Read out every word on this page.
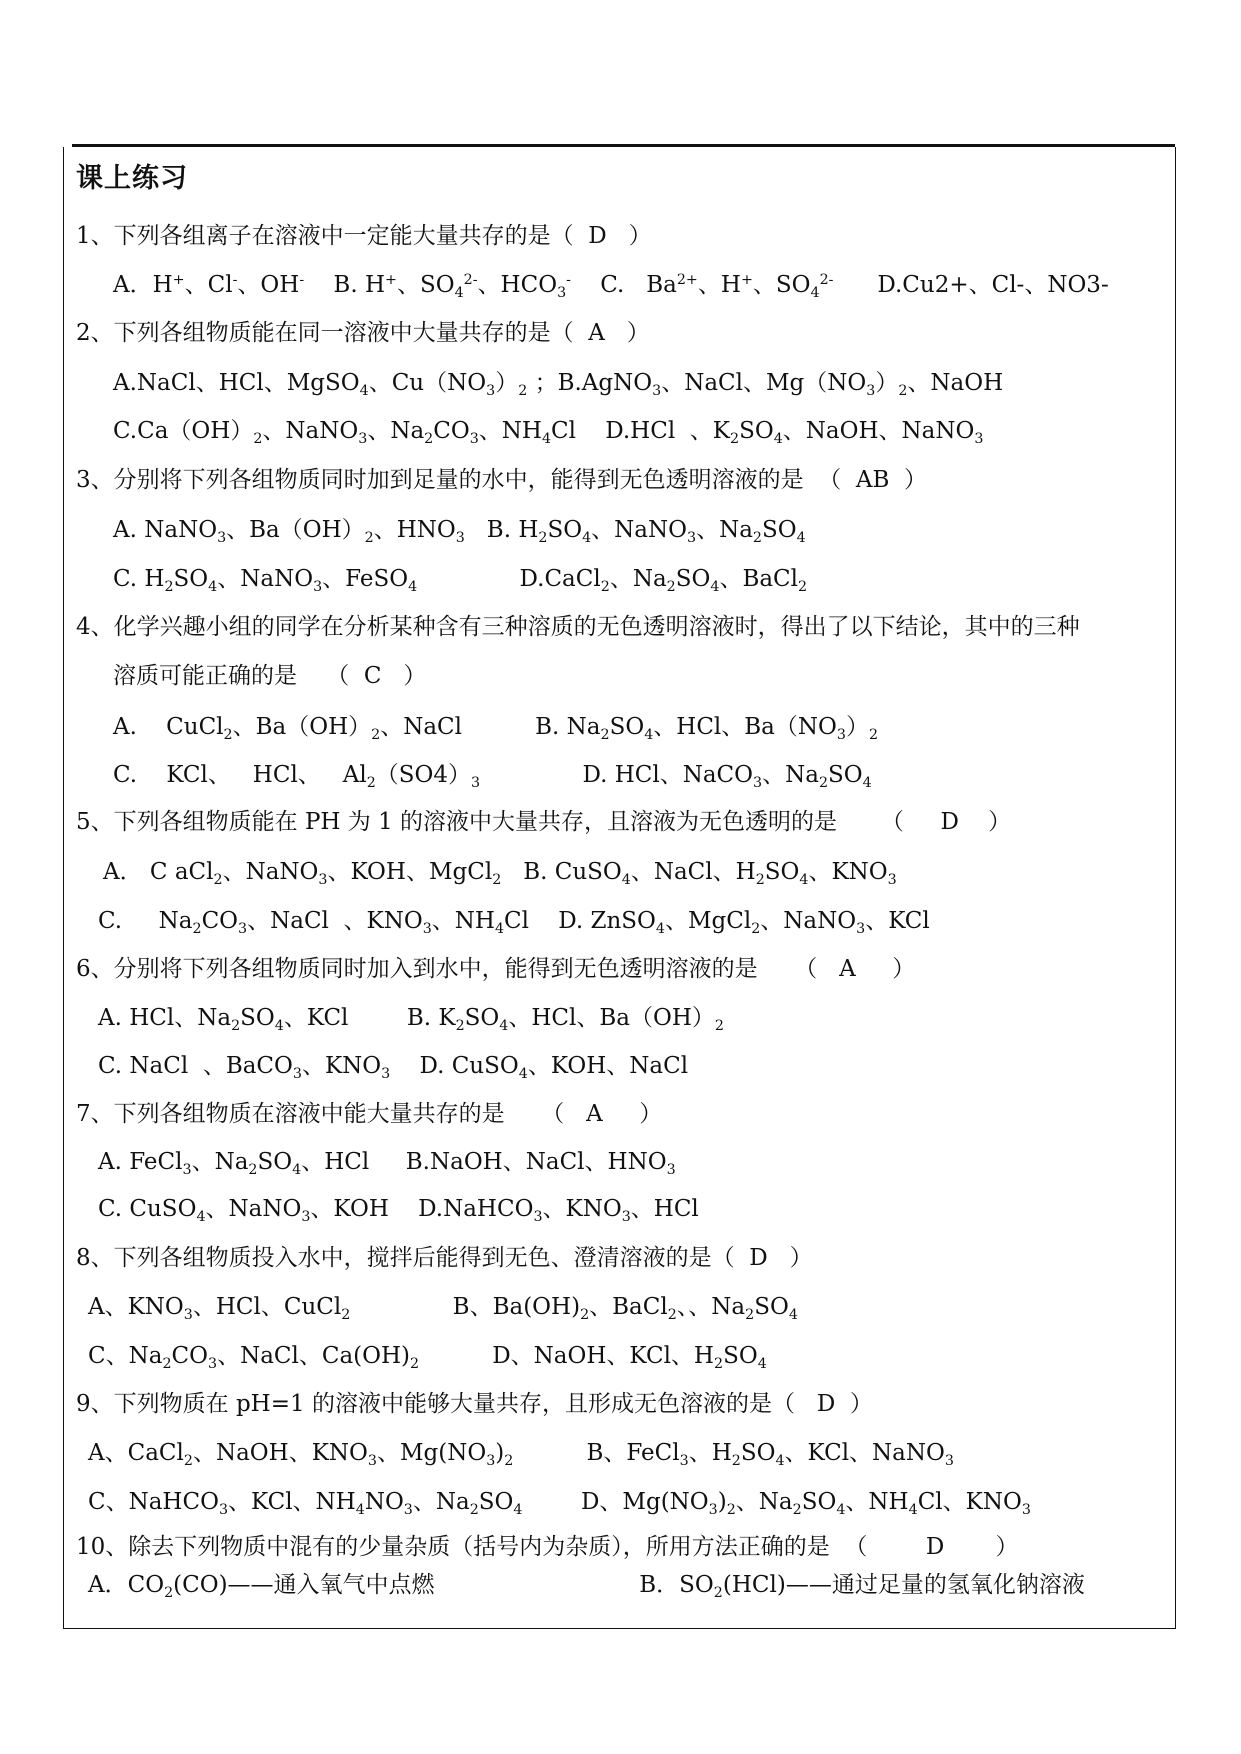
课上练习
1、下列各组离子在溶液中一定能大量共存的是（  D   ）
A．H+、Cl-、OH-    B. H+、$SO_4^{2-}$、$HCO_3^-$    C.   $Ba^{2+}$、H+、$SO_4^{2-}$      D.Cu2+、Cl-、NO3-
2、下列各组物质能在同一溶液中大量共存的是（  A   ）
A.NaCl、HCl、MgSO$_4$、$Cu(NO_3)_2$ ；B.AgNO$_3$、NaCl、$Mg(NO_3)_2$、NaOH
$C.Ca(OH)_2$、NaNO$_3$、$Na_2CO_3$、$NH_4Cl$    D.HCl  、$K_2SO_4$、NaOH、NaNO$_3$
3、分别将下列各组物质同时加到足量的水中，能得到无色透明溶液的是  （  AB  ）
A. NaNO$_3$、$Ba(OH)_2$、$HNO_3$   B. $H_2SO_4$、NaNO$_3$、$Na_2SO_4$
C. $H_2SO_4$、NaNO$_3$、FeSO$_4$              D.CaCl$_2$、$Na_2SO_4$、BaCl$_2$
4、化学兴趣小组的同学在分析某种含有三种溶质的无色透明溶液时，得出了以下结论，其中的三种
溶质可能正确的是    （  C   ）
A.    CuCl$_2$、$Ba(OH)_2$、NaCl          B. $Na_2SO_4$、HCl、$Ba(NO_3)_2$
C.    KCl、   HCl、   $Al_2(SO4)_3$              D. HCl、NaCO$_3$、$Na_2SO_4$
5、下列各组物质能在 PH 为 1 的溶液中大量共存，且溶液为无色透明的是      （     D    ）
A． C aCl$_2$、NaNO$_3$、KOH、MgCl$_2$   B. CuSO$_4$、NaCl、$H_2SO_4$、$KNO_3$
C.     $Na_2CO_3$、NaCl  、$KNO_3$、$NH_4Cl$    D. ZnSO$_4$、MgCl$_2$、NaNO$_3$、KCl
6、分别将下列各组物质同时加入到水中，能得到无色透明溶液的是     （   A     ）
A. HCl、$Na_2SO_4$、KCl        B. $K_2SO_4$、HCl、$Ba(OH)_2$
C. NaCl  、BaCO$_3$、$KNO_3$    D. CuSO$_4$、KOH、NaCl
7、下列各组物质在溶液中能大量共存的是     （   A     ）
A. FeCl$_3$、$Na_2SO_4$、HCl     B.NaOH、NaCl、$HNO_3$
C. CuSO$_4$、NaNO$_3$、KOH    D.NaHCO$_3$、$KNO_3$、HCl
8、下列各组物质投入水中，搅拌后能得到无色、澄清溶液的是（  D   ）
A、$KNO_3$、HCl、CuCl$_2$              B、$Ba(OH)_2$、BaCl$_2$、、$Na_2SO_4$
C、$Na_2CO_3$、NaCl、$Ca(OH)_2$          D、NaOH、KCl、$H_2SO_4$
9、下列物质在 pH=1 的溶液中能够大量共存，且形成无色溶液的是（   D  ）
A、CaCl$_2$、NaOH、$KNO_3$、$Mg(NO_3)_2$          B、FeCl$_3$、$H_2SO_4$、KCl、NaNO$_3$
C、NaHCO$_3$、KCl、$NH_4NO_3$、$Na_2SO_4$        D、$Mg(NO_3)_2$、$Na_2SO_4$、$NH_4Cl$、$KNO_3$
10、除去下列物质中混有的少量杂质（括号内为杂质），所用方法正确的是  （        D       ）
A．$CO_2(CO)——$通入氧气中点燃                            B．$SO_2(HCl)——$通过足量的氢氧化钠溶液
